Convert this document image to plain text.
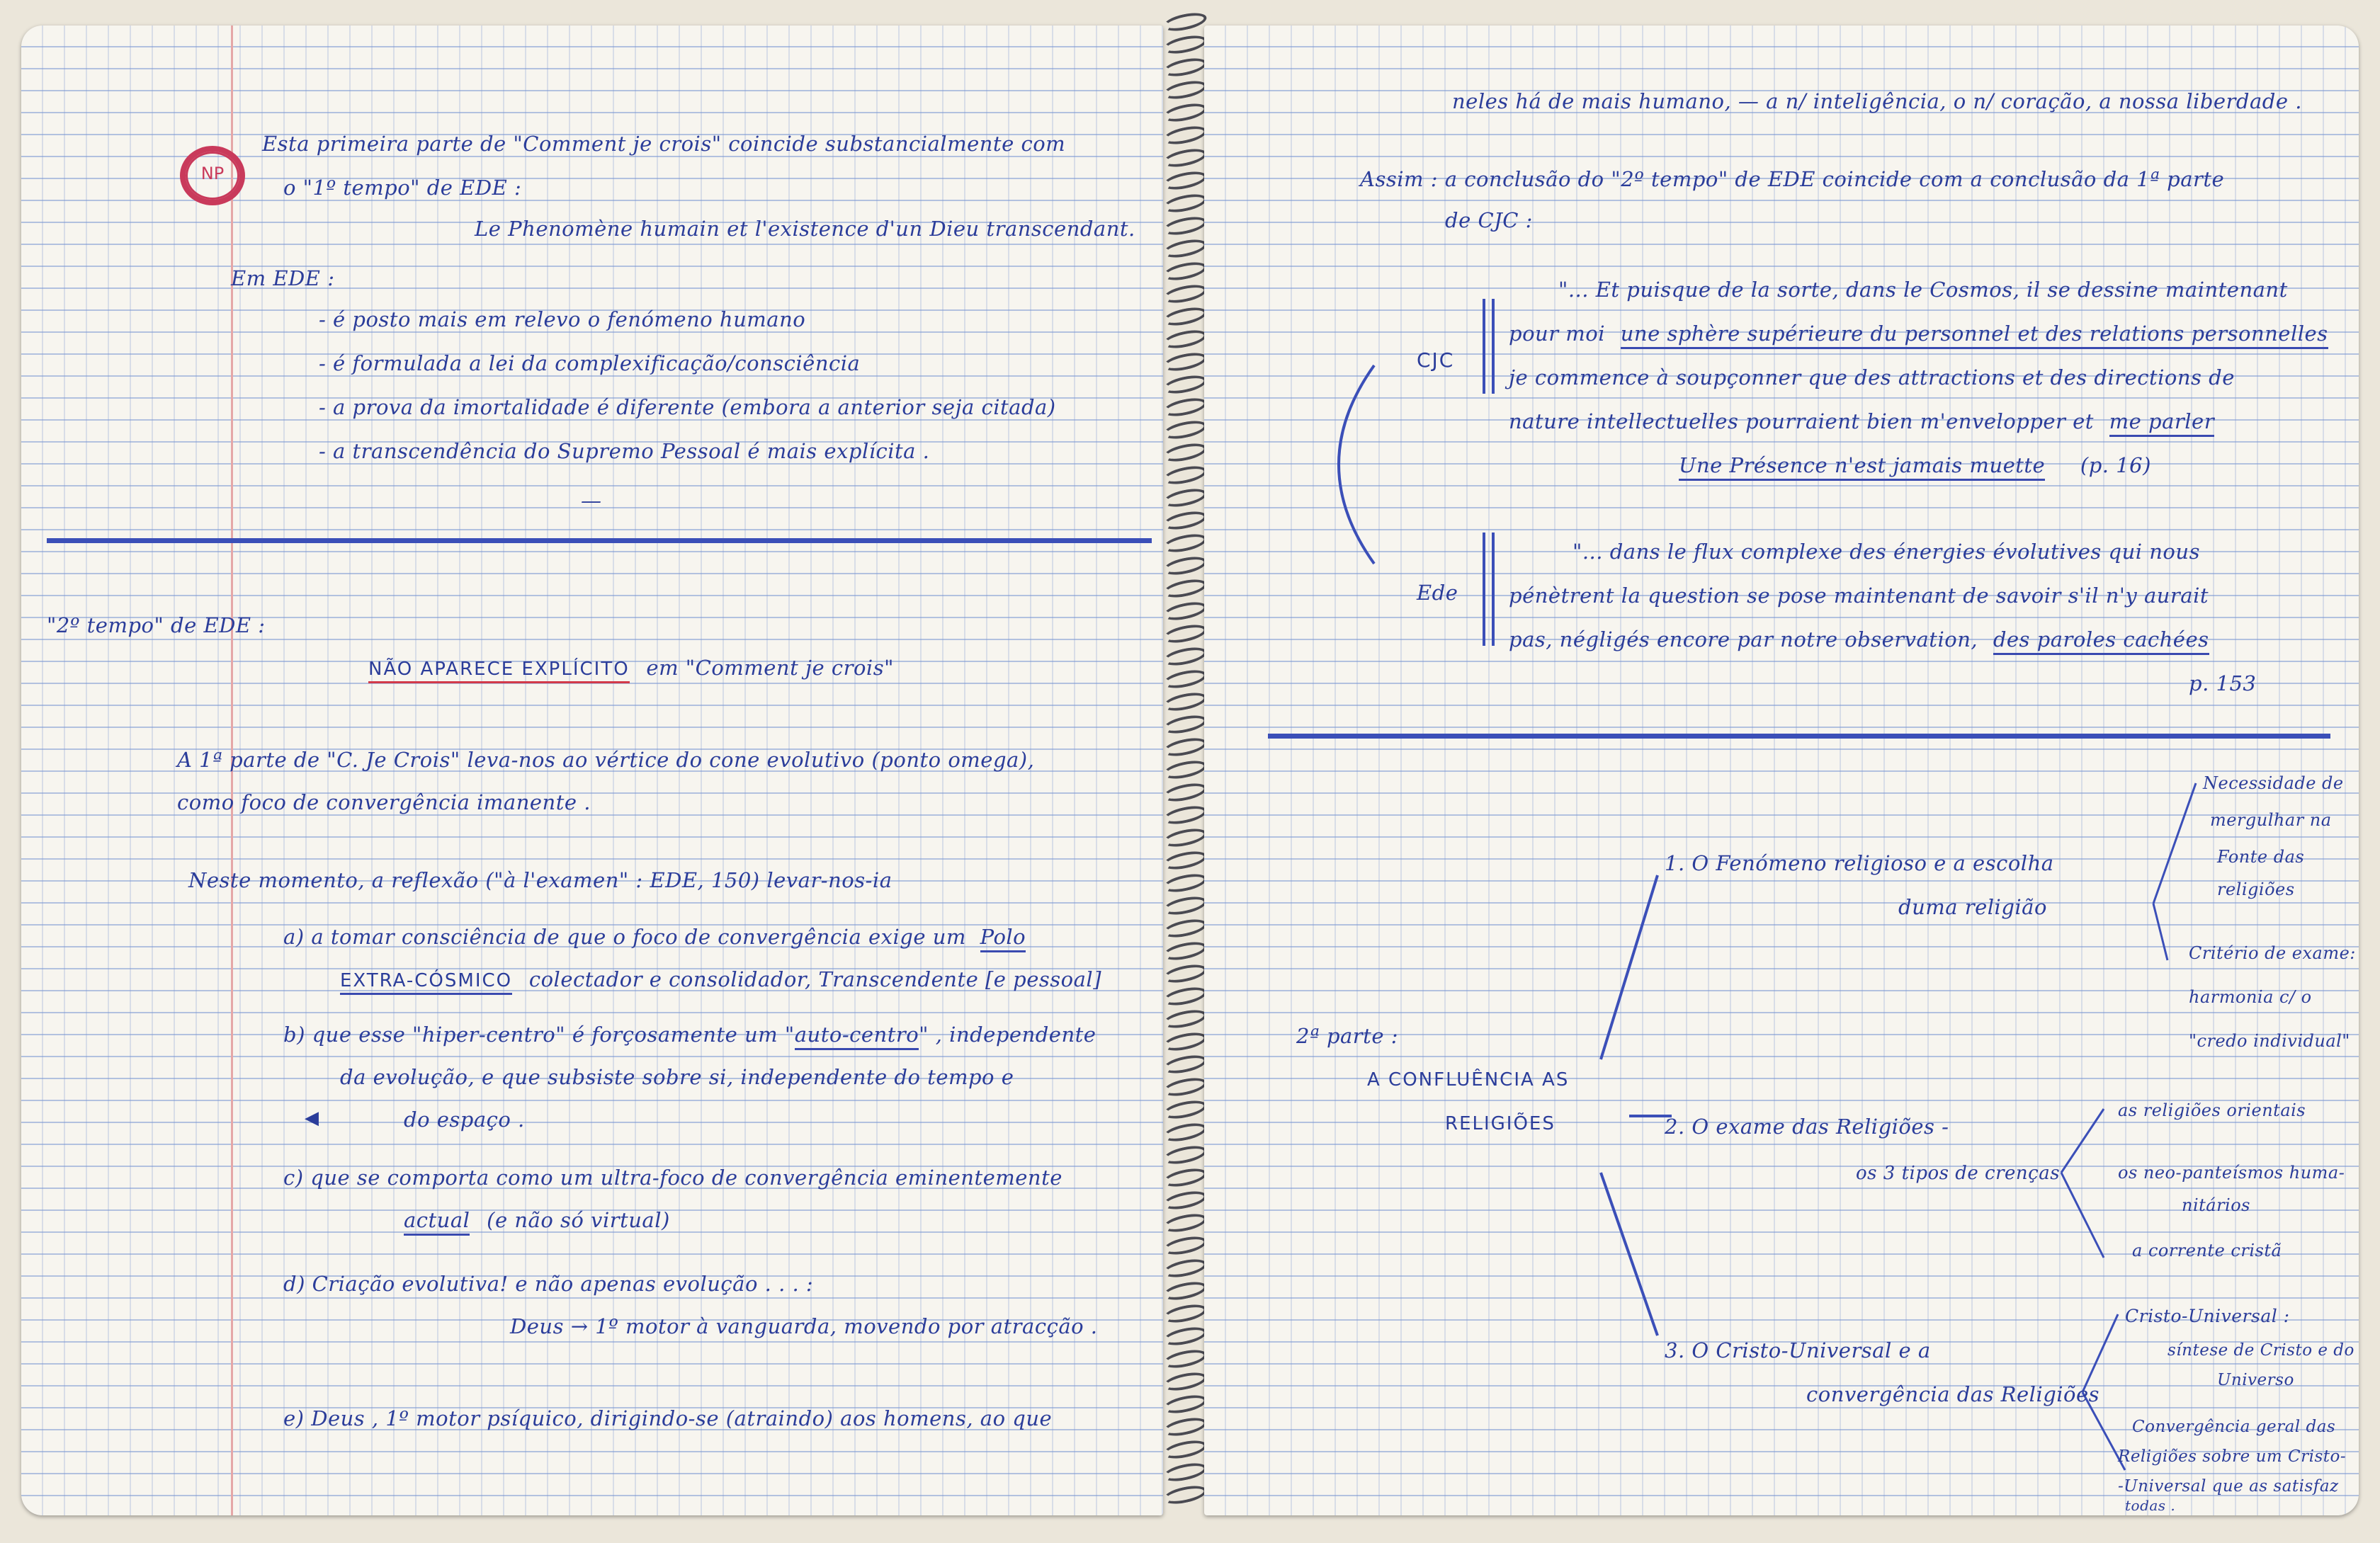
NP
Esta primeira parte de "Comment je crois" coincide substancialmente com
o "1º tempo" de EDE :
Le Phenomène humain et l'existence d'un Dieu transcendant.
Em EDE :
- é posto mais em relevo o fenómeno humano
- é formulada a lei da complexificação/consciência
- a prova da imortalidade é diferente (embora a anterior seja citada)
- a transcendência do Supremo Pessoal é mais explícita .
—
"2º tempo" de EDE :
NÃO APARECE EXPLÍCITO em "Comment je crois"
A 1ª parte de "C. Je Crois" leva-nos ao vértice do cone evolutivo (ponto omega),
como foco de convergência imanente .
Neste momento, a reflexão ("à l'examen" : EDE, 150) levar-nos-ia
a) a tomar consciência de que o foco de convergência exige um Polo
EXTRA-CÓSMICO colectador e consolidador, Transcendente [e pessoal]
b) que esse "hiper-centro" é forçosamente um "auto-centro" , independente
da evolução, e que subsiste sobre si, independente do tempo e
◀	do espaço .
c) que se comporta como um ultra-foco de convergência eminentemente
actual (e não só virtual)
d) Criação evolutiva! e não apenas evolução . . . :
Deus → 1º motor à vanguarda, movendo por atracção .
e) Deus , 1º motor psíquico, dirigindo-se (atraindo) aos homens, ao que
neles há de mais humano, — a n/ inteligência, o n/ coração, a nossa liberdade .
Assim : a conclusão do "2º tempo" de EDE coincide com a conclusão da 1ª parte
de CJC :
CJC
"... Et puisque de la sorte, dans le Cosmos, il se dessine maintenant
pour moi une sphère supérieure du personnel et des relations personnelles
je commence à soupçonner que des attractions et des directions de
nature intellectuelles pourraient bien m'envelopper et me parler
Une Présence n'est jamais muette (p. 16)
Ede
"... dans le flux complexe des énergies évolutives qui nous
pénètrent la question se pose maintenant de savoir s'il n'y aurait
pas, négligés encore par notre observation, des paroles cachées
p. 153
2ª parte :
A CONFLUÊNCIA AS
RELIGIÕES
1. O Fenómeno religioso e a escolha
duma religião
2. O exame das Religiões -
os 3 tipos de crenças
3. O Cristo-Universal e a
convergência das Religiões
Necessidade de
mergulhar na
Fonte das
religiões
Critério de exame:
harmonia c/ o
"credo individual"
as religiões orientais
os neo-panteísmos huma-
nitários
a corrente cristã
Cristo-Universal :
síntese de Cristo e do
Universo
Convergência geral das
Religiões sobre um Cristo-
-Universal que as satisfaz
todas .
